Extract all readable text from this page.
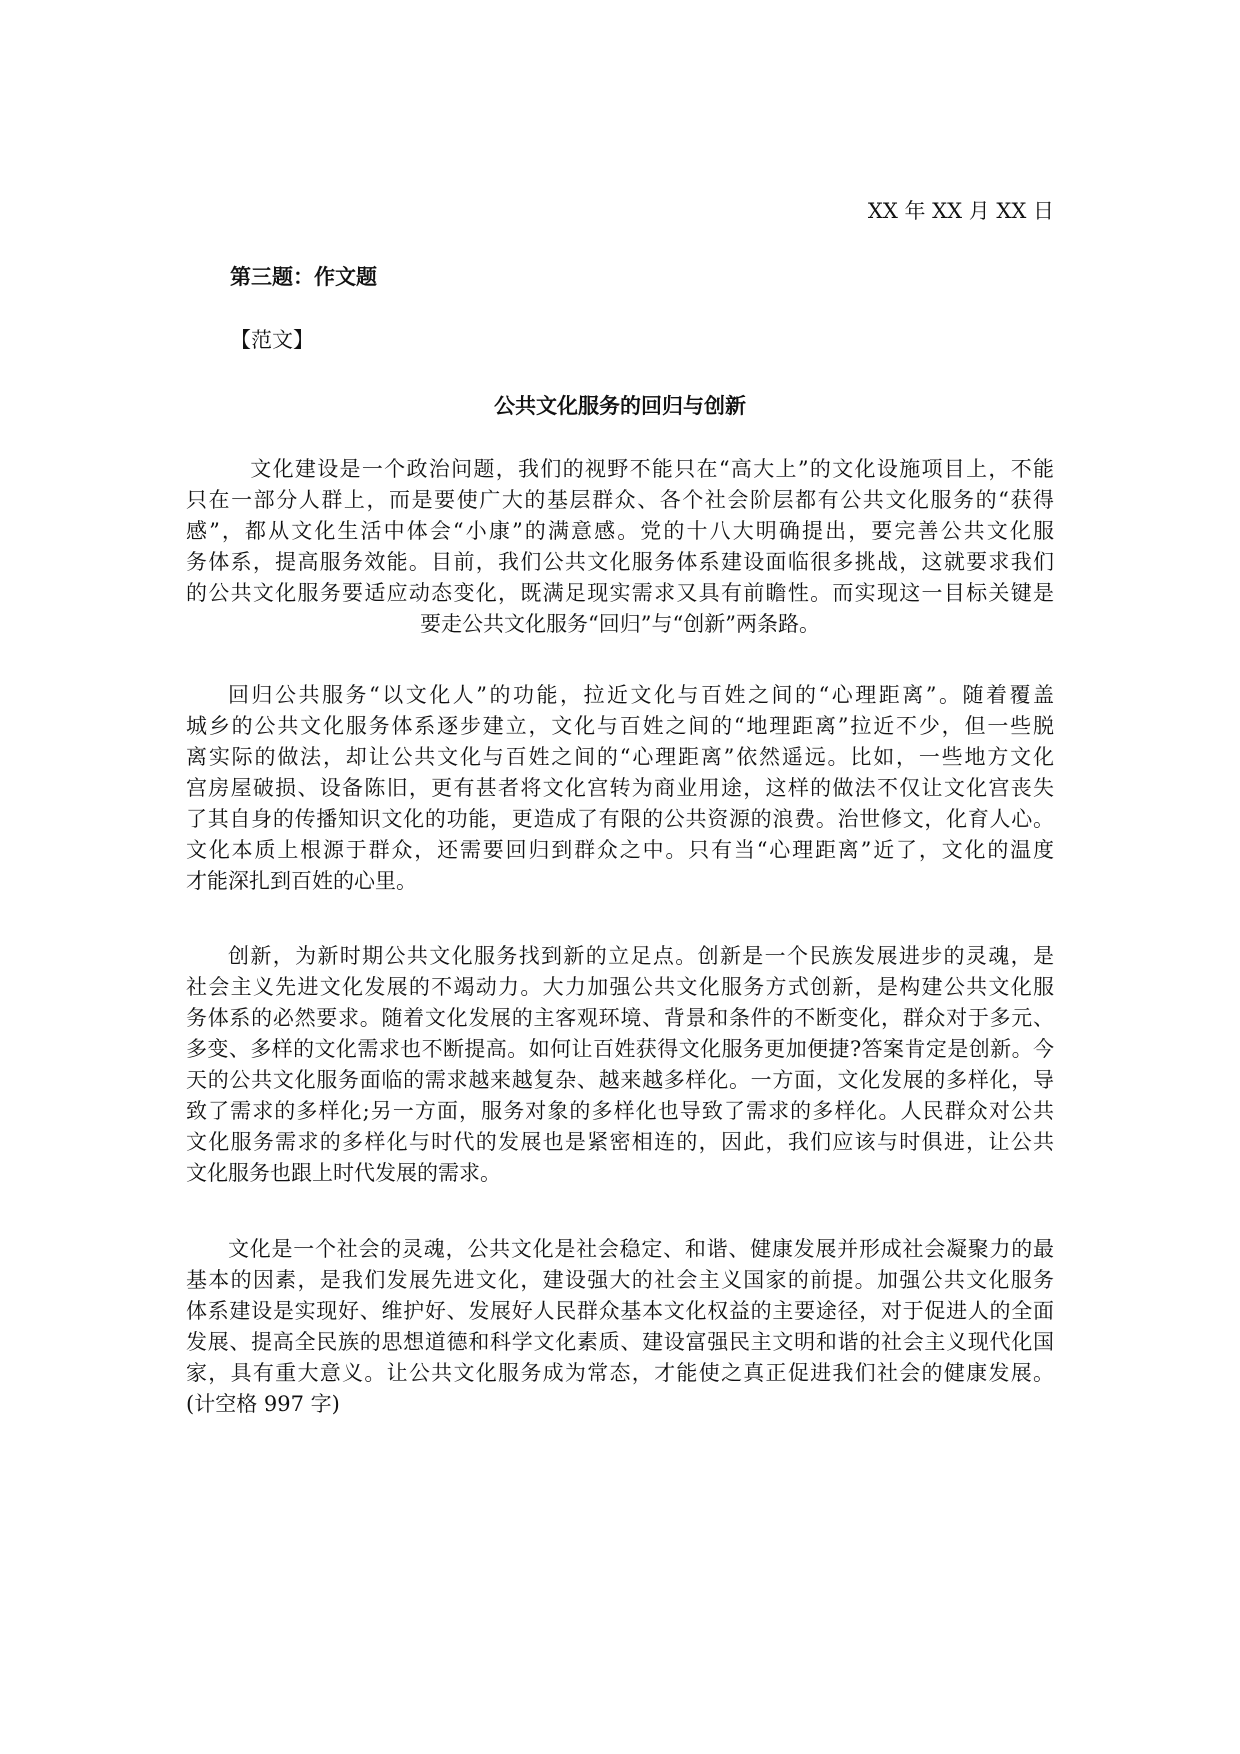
XX 年 XX 月 XX 日
第三题：作文题
【范文】
公共文化服务的回归与创新
　文化建设是一个政治问题，我们的视野不能只在“高大上”的文化设施项目上，不能
只在一部分人群上，而是要使广大的基层群众、各个社会阶层都有公共文化服务的“获得
感”，都从文化生活中体会“小康”的满意感。党的十八大明确提出，要完善公共文化服
务体系，提高服务效能。目前，我们公共文化服务体系建设面临很多挑战，这就要求我们
的公共文化服务要适应动态变化，既满足现实需求又具有前瞻性。而实现这一目标关键是
要走公共文化服务“回归”与“创新”两条路。
回归公共服务“以文化人”的功能，拉近文化与百姓之间的“心理距离”。随着覆盖
城乡的公共文化服务体系逐步建立，文化与百姓之间的“地理距离”拉近不少，但一些脱
离实际的做法，却让公共文化与百姓之间的“心理距离”依然遥远。比如，一些地方文化
宫房屋破损、设备陈旧，更有甚者将文化宫转为商业用途，这样的做法不仅让文化宫丧失
了其自身的传播知识文化的功能，更造成了有限的公共资源的浪费。治世修文，化育人心。
文化本质上根源于群众，还需要回归到群众之中。只有当“心理距离”近了，文化的温度
才能深扎到百姓的心里。
创新，为新时期公共文化服务找到新的立足点。创新是一个民族发展进步的灵魂，是
社会主义先进文化发展的不竭动力。大力加强公共文化服务方式创新，是构建公共文化服
务体系的必然要求。随着文化发展的主客观环境、背景和条件的不断变化，群众对于多元、
多变、多样的文化需求也不断提高。如何让百姓获得文化服务更加便捷?答案肯定是创新。今
天的公共文化服务面临的需求越来越复杂、越来越多样化。一方面，文化发展的多样化，导
致了需求的多样化;另一方面，服务对象的多样化也导致了需求的多样化。人民群众对公共
文化服务需求的多样化与时代的发展也是紧密相连的，因此，我们应该与时俱进，让公共
文化服务也跟上时代发展的需求。
文化是一个社会的灵魂，公共文化是社会稳定、和谐、健康发展并形成社会凝聚力的最
基本的因素，是我们发展先进文化，建设强大的社会主义国家的前提。加强公共文化服务
体系建设是实现好、维护好、发展好人民群众基本文化权益的主要途径，对于促进人的全面
发展、提高全民族的思想道德和科学文化素质、建设富强民主文明和谐的社会主义现代化国
家，具有重大意义。让公共文化服务成为常态，才能使之真正促进我们社会的健康发展。
(计空格 997 字)
